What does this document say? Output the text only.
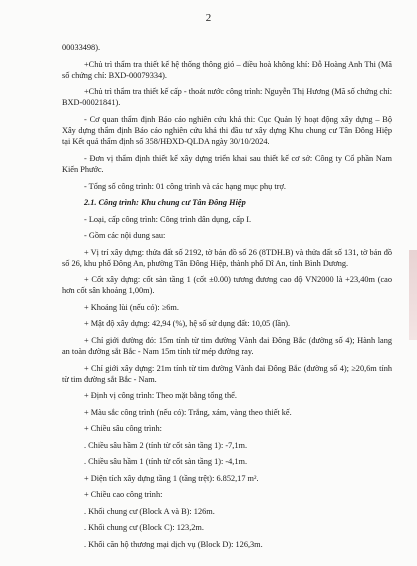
2

00033498).

+Chủ trì thẩm tra thiết kế hệ thống thông gió – điều hoà không khí: Đỗ Hoàng Anh Thi (Mã số chứng chỉ: BXD-00079334).

+Chủ trì thẩm tra thiết kế cấp - thoát nước công trình: Nguyễn Thị Hương (Mã số chứng chỉ: BXD-00021841).

- Cơ quan thẩm định Báo cáo nghiên cứu khả thi: Cục Quản lý hoạt động xây dựng – Bộ Xây dựng thẩm định Báo cáo nghiên cứu khả thi đầu tư xây dựng Khu chung cư Tân Đông Hiệp tại Kết quả thẩm định số 358/HĐXD-QLDA ngày 30/10/2024.

- Đơn vị thẩm định thiết kế xây dựng triển khai sau thiết kế cơ sở: Công ty Cổ phần Nam Kiến Phước.

- Tổng số công trình: 01 công trình và các hạng mục phụ trợ.

2.1. Công trình: Khu chung cư Tân Đông Hiệp

- Loại, cấp công trình: Công trình dân dụng, cấp I.

- Gồm các nội dung sau:

+ Vị trí xây dựng: thửa đất số 2192, tờ bản đồ số 26 (8TDH.B) và thửa đất số 131, tờ bản đồ số 26, khu phố Đông An, phường Tân Đông Hiệp, thành phố Dĩ An, tỉnh Bình Dương.

+ Cốt xây dựng: cốt sàn tầng 1 (cốt ±0.00) tương đương cao độ VN2000 là +23,40m (cao hơn cốt sân khoảng 1,00m).

+ Khoảng lùi (nếu có): ≥6m.

+ Mật độ xây dựng: 42,94 (%), hệ số sử dụng đất: 10,05 (lần).

+ Chỉ giới đường đỏ: 15m tính từ tim đường Vành đai Đông Bắc (đường số 4); Hành lang an toàn đường sắt Bắc - Nam 15m tính từ mép đường ray.

+ Chỉ giới xây dựng: 21m tính từ tim đường Vành đai Đông Bắc (đường số 4); ≥20,6m tính từ tim đường sắt Bắc - Nam.

+ Định vị công trình: Theo mặt bằng tổng thể.

+ Màu sắc công trình (nếu có): Trắng, xám, vàng theo thiết kế.

+ Chiều sâu công trình:

. Chiều sâu hầm 2 (tính từ cốt sàn tầng 1): -7,1m.

. Chiều sâu hầm 1 (tính từ cốt sàn tầng 1): -4,1m.

+ Diện tích xây dựng tầng 1 (tầng trệt): 6.852,17 m².

+ Chiều cao công trình:

. Khối chung cư (Block A và B): 126m.

. Khối chung cư (Block C): 123,2m.

. Khối căn hộ thương mại dịch vụ (Block D): 126,3m.
